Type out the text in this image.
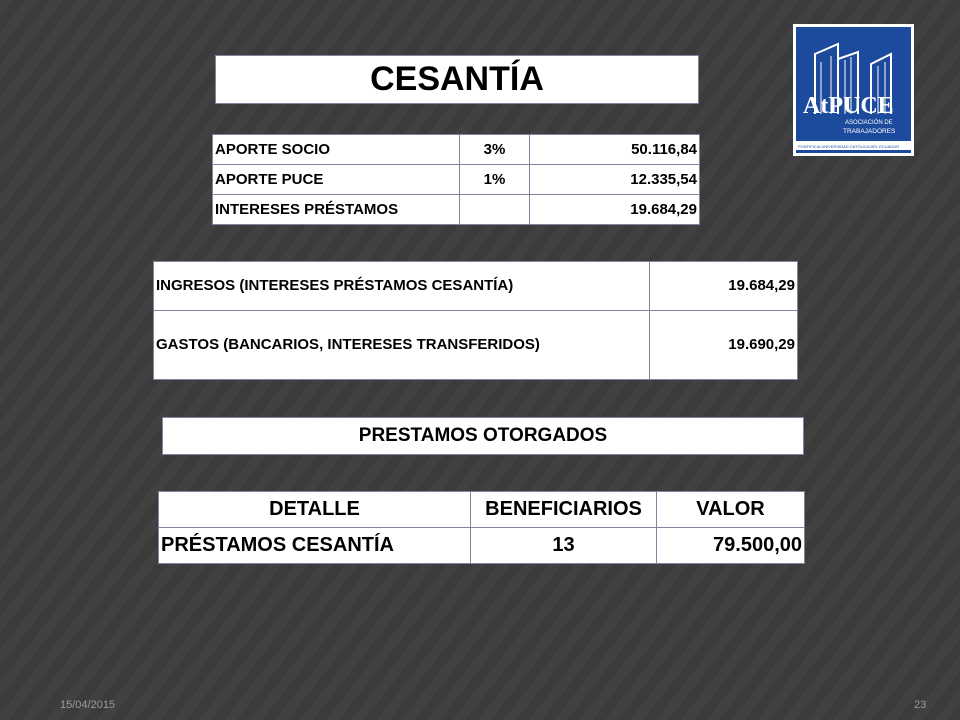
CESANTÍA
AtPUCE
ASOCIACIÓN DE
TRABAJADORES
PONTIFICIA UNIVERSIDAD CATÓLICA DEL ECUADOR
APORTE SOCIO	3%	50.116,84
APORTE PUCE	1%	12.335,54
INTERESES PRÉSTAMOS		19.684,29
INGRESOS (INTERESES PRÉSTAMOS CESANTÍA)	19.684,29
GASTOS (BANCARIOS, INTERESES TRANSFERIDOS)	19.690,29
PRESTAMOS OTORGADOS
DETALLE	BENEFICIARIOS	VALOR
PRÉSTAMOS CESANTÍA	13	79.500,00
15/04/2015	23
